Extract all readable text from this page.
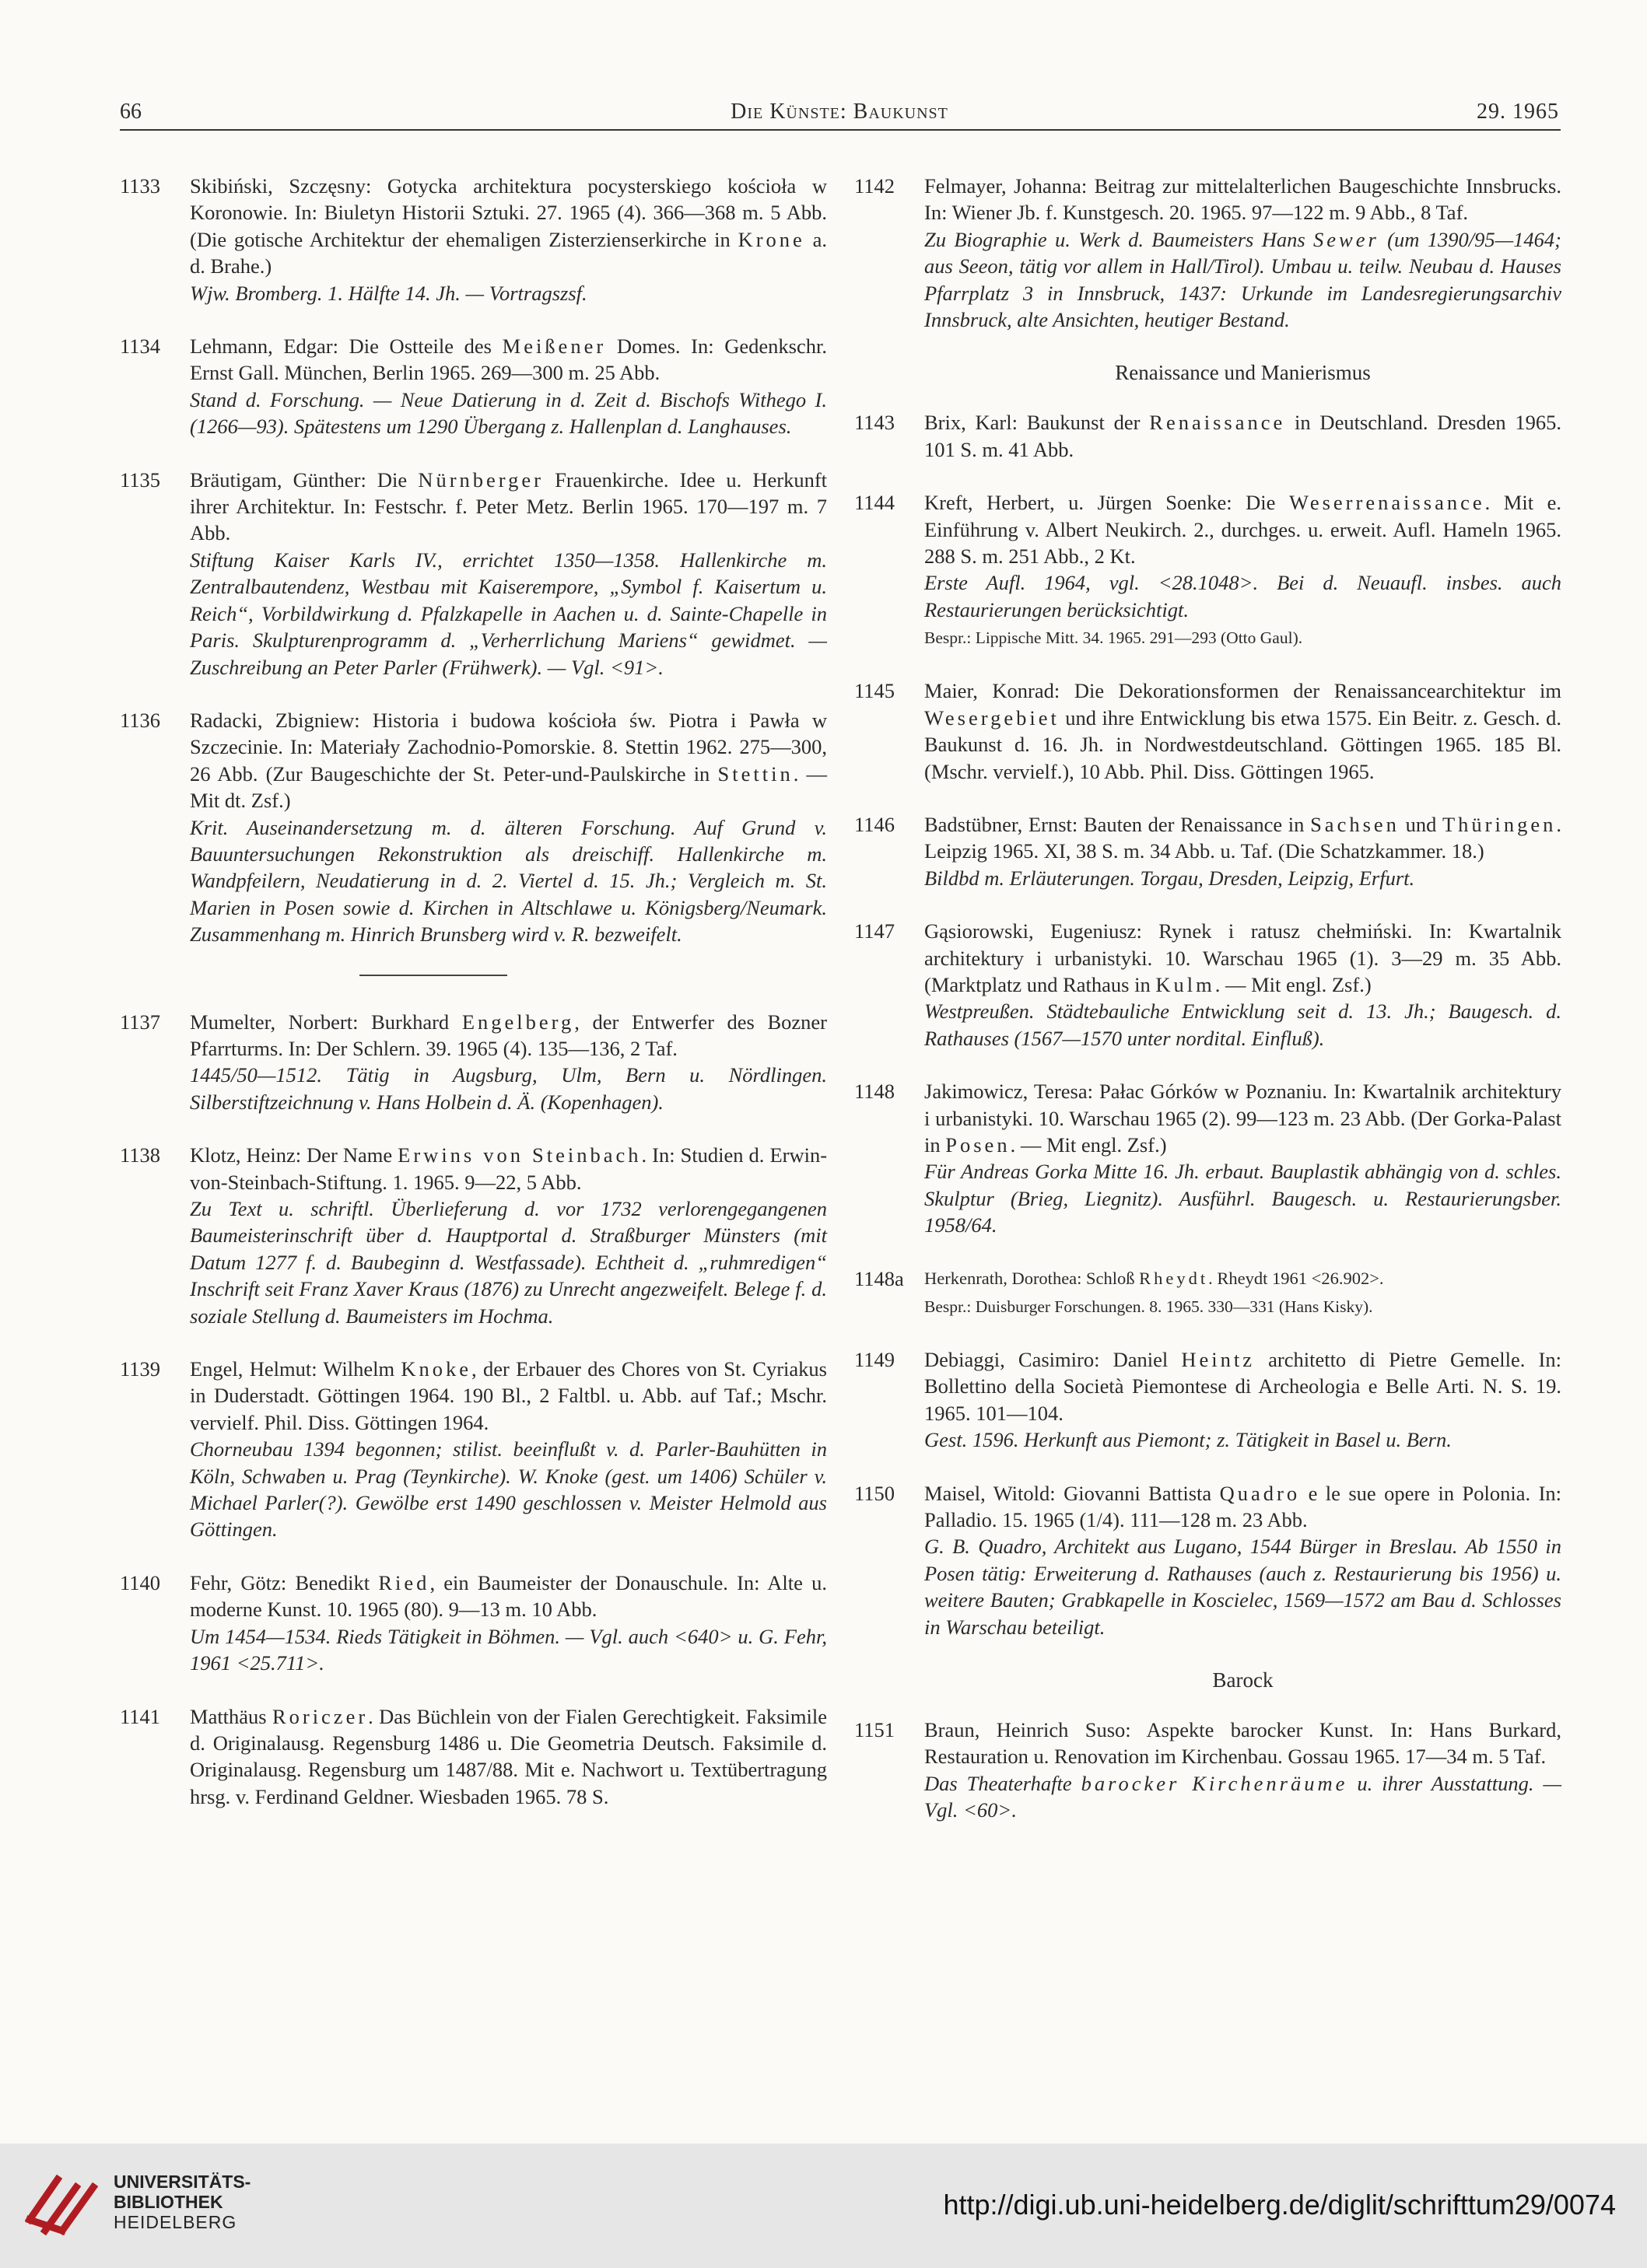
66	Die Künste: Baukunst	29. 1965
1133	Skibiński, Szczęsny: Gotycka architektura pocysterskiego kościoła w Koronowie. In: Biuletyn Historii Sztuki. 27. 1965 (4). 366—368 m. 5 Abb. (Die gotische Architektur der ehemaligen Zisterzienserkirche in Krone a. d. Brahe.)
Wjw. Bromberg. 1. Hälfte 14. Jh. — Vortragszsf.
1134	Lehmann, Edgar: Die Ostteile des Meißener Domes. In: Gedenkschr. Ernst Gall. München, Berlin 1965. 269—300 m. 25 Abb.
Stand d. Forschung. — Neue Datierung in d. Zeit d. Bischofs Withego I. (1266—93). Spätestens um 1290 Übergang z. Hallenplan d. Langhauses.
1135	Bräutigam, Günther: Die Nürnberger Frauenkirche. Idee u. Herkunft ihrer Architektur. In: Festschr. f. Peter Metz. Berlin 1965. 170—197 m. 7 Abb.
Stiftung Kaiser Karls IV., errichtet 1350—1358. Hallenkirche m. Zentralbautendenz, Westbau mit Kaiserempore, „Symbol f. Kaisertum u. Reich“, Vorbildwirkung d. Pfalzkapelle in Aachen u. d. Sainte-Chapelle in Paris. Skulpturenprogramm d. „Verherrlichung Mariens“ gewidmet. — Zuschreibung an Peter Parler (Frühwerk). — Vgl. <91>.
1136	Radacki, Zbigniew: Historia i budowa kościoła św. Piotra i Pawła w Szczecinie. In: Materiały Zachodnio-Pomorskie. 8. Stettin 1962. 275—300, 26 Abb. (Zur Baugeschichte der St. Peter-und-Paulskirche in Stettin. — Mit dt. Zsf.)
Krit. Auseinandersetzung m. d. älteren Forschung. Auf Grund v. Bauuntersuchungen Rekonstruktion als dreischiff. Hallenkirche m. Wandpfeilern, Neudatierung in d. 2. Viertel d. 15. Jh.; Vergleich m. St. Marien in Posen sowie d. Kirchen in Altschlawe u. Königsberg/Neumark. Zusammenhang m. Hinrich Brunsberg wird v. R. bezweifelt.
1137	Mumelter, Norbert: Burkhard Engelberg, der Entwerfer des Bozner Pfarrturms. In: Der Schlern. 39. 1965 (4). 135—136, 2 Taf.
1445/50—1512. Tätig in Augsburg, Ulm, Bern u. Nördlingen. Silberstiftzeichnung v. Hans Holbein d. Ä. (Kopenhagen).
1138	Klotz, Heinz: Der Name Erwins von Steinbach. In: Studien d. Erwin-von-Steinbach-Stiftung. 1. 1965. 9—22, 5 Abb.
Zu Text u. schriftl. Überlieferung d. vor 1732 verlorengegangenen Baumeisterinschrift über d. Hauptportal d. Straßburger Münsters (mit Datum 1277 f. d. Baubeginn d. Westfassade). Echtheit d. „ruhmredigen“ Inschrift seit Franz Xaver Kraus (1876) zu Unrecht angezweifelt. Belege f. d. soziale Stellung d. Baumeisters im Hochma.
1139	Engel, Helmut: Wilhelm Knoke, der Erbauer des Chores von St. Cyriakus in Duderstadt. Göttingen 1964. 190 Bl., 2 Faltbl. u. Abb. auf Taf.; Mschr. vervielf. Phil. Diss. Göttingen 1964.
Chorneubau 1394 begonnen; stilist. beeinflußt v. d. Parler-Bauhütten in Köln, Schwaben u. Prag (Teynkirche). W. Knoke (gest. um 1406) Schüler v. Michael Parler(?). Gewölbe erst 1490 geschlossen v. Meister Helmold aus Göttingen.
1140	Fehr, Götz: Benedikt Ried, ein Baumeister der Donauschule. In: Alte u. moderne Kunst. 10. 1965 (80). 9—13 m. 10 Abb.
Um 1454—1534. Rieds Tätigkeit in Böhmen. — Vgl. auch <640> u. G. Fehr, 1961 <25.711>.
1141	Matthäus Roriczer. Das Büchlein von der Fialen Gerechtigkeit. Faksimile d. Originalausg. Regensburg 1486 u. Die Geometria Deutsch. Faksimile d. Originalausg. Regensburg um 1487/88. Mit e. Nachwort u. Textübertragung hrsg. v. Ferdinand Geldner. Wiesbaden 1965. 78 S.
1142	Felmayer, Johanna: Beitrag zur mittelalterlichen Baugeschichte Innsbrucks. In: Wiener Jb. f. Kunstgesch. 20. 1965. 97—122 m. 9 Abb., 8 Taf.
Zu Biographie u. Werk d. Baumeisters Hans Sewer (um 1390/95—1464; aus Seeon, tätig vor allem in Hall/Tirol). Umbau u. teilw. Neubau d. Hauses Pfarrplatz 3 in Innsbruck, 1437: Urkunde im Landesregierungsarchiv Innsbruck, alte Ansichten, heutiger Bestand.
Renaissance und Manierismus
1143	Brix, Karl: Baukunst der Renaissance in Deutschland. Dresden 1965. 101 S. m. 41 Abb.
1144	Kreft, Herbert, u. Jürgen Soenke: Die Weserrenaissance. Mit e. Einführung v. Albert Neukirch. 2., durchges. u. erweit. Aufl. Hameln 1965. 288 S. m. 251 Abb., 2 Kt.
Erste Aufl. 1964, vgl. <28.1048>. Bei d. Neuaufl. insbes. auch Restaurierungen berücksichtigt.
Bespr.: Lippische Mitt. 34. 1965. 291—293 (Otto Gaul).
1145	Maier, Konrad: Die Dekorationsformen der Renaissancearchitektur im Wesergebiet und ihre Entwicklung bis etwa 1575. Ein Beitr. z. Gesch. d. Baukunst d. 16. Jh. in Nordwestdeutschland. Göttingen 1965. 185 Bl. (Mschr. vervielf.), 10 Abb. Phil. Diss. Göttingen 1965.
1146	Badstübner, Ernst: Bauten der Renaissance in Sachsen und Thüringen. Leipzig 1965. XI, 38 S. m. 34 Abb. u. Taf. (Die Schatzkammer. 18.)
Bildbd m. Erläuterungen. Torgau, Dresden, Leipzig, Erfurt.
1147	Gąsiorowski, Eugeniusz: Rynek i ratusz chełmiński. In: Kwartalnik architektury i urbanistyki. 10. Warschau 1965 (1). 3—29 m. 35 Abb. (Marktplatz und Rathaus in Kulm. — Mit engl. Zsf.)
Westpreußen. Städtebauliche Entwicklung seit d. 13. Jh.; Baugesch. d. Rathauses (1567—1570 unter nordital. Einfluß).
1148	Jakimowicz, Teresa: Pałac Górków w Poznaniu. In: Kwartalnik architektury i urbanistyki. 10. Warschau 1965 (2). 99—123 m. 23 Abb. (Der Gorka-Palast in Posen. — Mit engl. Zsf.)
Für Andreas Gorka Mitte 16. Jh. erbaut. Bauplastik abhängig von d. schles. Skulptur (Brieg, Liegnitz). Ausführl. Baugesch. u. Restaurierungsber. 1958/64.
1148a	Herkenrath, Dorothea: Schloß Rheydt. Rheydt 1961 <26.902>.
Bespr.: Duisburger Forschungen. 8. 1965. 330—331 (Hans Kisky).
1149	Debiaggi, Casimiro: Daniel Heintz architetto di Pietre Gemelle. In: Bollettino della Società Piemontese di Archeologia e Belle Arti. N. S. 19. 1965. 101—104.
Gest. 1596. Herkunft aus Piemont; z. Tätigkeit in Basel u. Bern.
1150	Maisel, Witold: Giovanni Battista Quadro e le sue opere in Polonia. In: Palladio. 15. 1965 (1/4). 111—128 m. 23 Abb.
G. B. Quadro, Architekt aus Lugano, 1544 Bürger in Breslau. Ab 1550 in Posen tätig: Erweiterung d. Rathauses (auch z. Restaurierung bis 1956) u. weitere Bauten; Grabkapelle in Koscielec, 1569—1572 am Bau d. Schlosses in Warschau beteiligt.
Barock
1151	Braun, Heinrich Suso: Aspekte barocker Kunst. In: Hans Burkard, Restauration u. Renovation im Kirchenbau. Gossau 1965. 17—34 m. 5 Taf.
Das Theaterhafte barocker Kirchenräume u. ihrer Ausstattung. — Vgl. <60>.
UNIVERSITÄTS-
BIBLIOTHEK
HEIDELBERG
http://digi.ub.uni-heidelberg.de/diglit/schrifttum29/0074
